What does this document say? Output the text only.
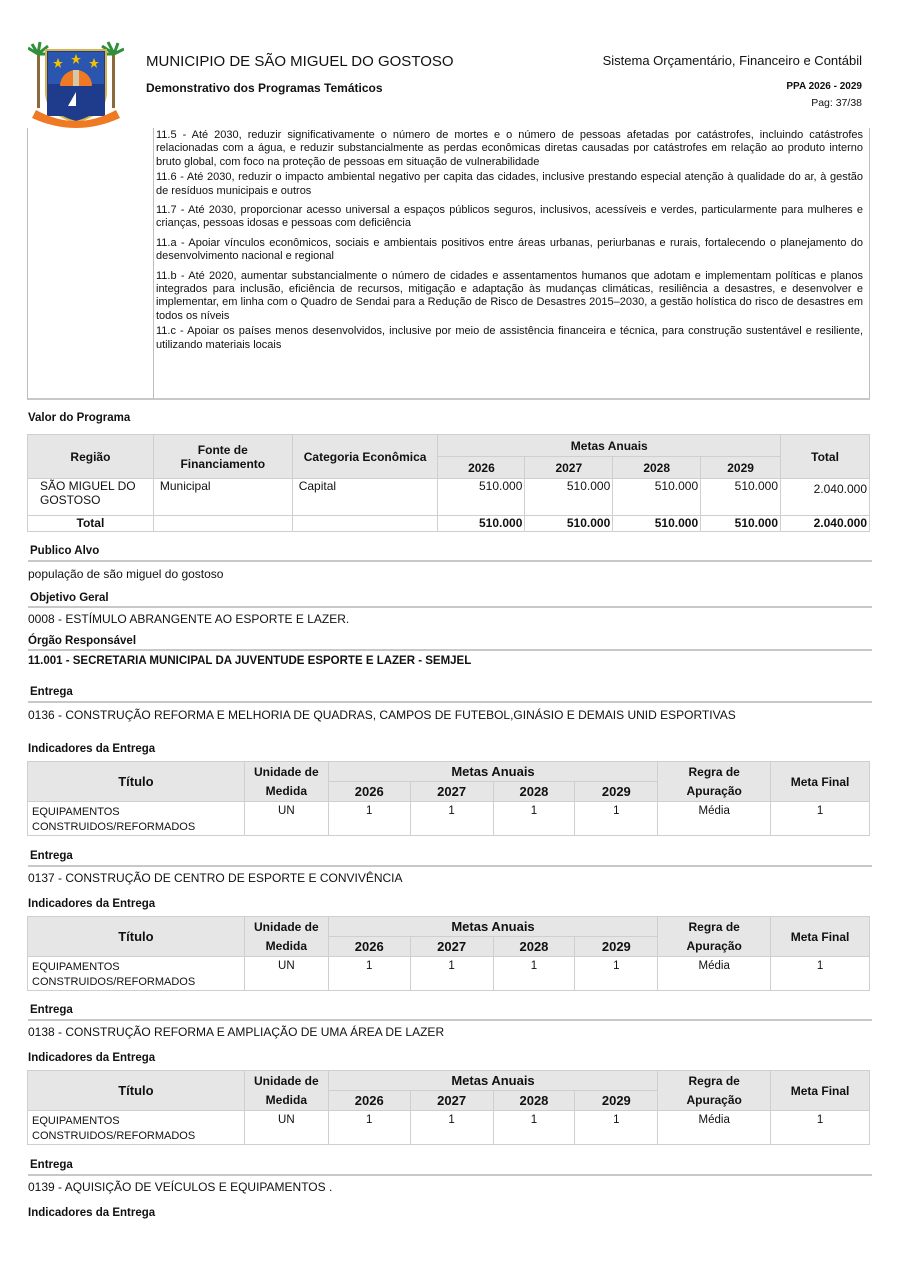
MUNICIPIO DE SÃO MIGUEL DO GOSTOSO
Demonstrativo dos Programas Temáticos
Sistema Orçamentário, Financeiro e Contábil
PPA 2026 - 2029
Pag: 37/38
11.5 - Até 2030, reduzir significativamente o número de mortes e o número de pessoas afetadas por catástrofes, incluindo catástrofes relacionadas com a água, e reduzir substancialmente as perdas econômicas diretas causadas por catástrofes em relação ao produto interno bruto global, com foco na proteção de pessoas em situação de vulnerabilidade
11.6 - Até 2030, reduzir o impacto ambiental negativo per capita das cidades, inclusive prestando especial atenção à qualidade do ar, à gestão de resíduos municipais e outros
11.7 - Até 2030, proporcionar acesso universal a espaços públicos seguros, inclusivos, acessíveis e verdes, particularmente para mulheres e crianças, pessoas idosas e pessoas com deficiência
11.a - Apoiar vínculos econômicos, sociais e ambientais positivos entre áreas urbanas, periurbanas e rurais, fortalecendo o planejamento do desenvolvimento nacional e regional
11.b - Até 2020, aumentar substancialmente o número de cidades e assentamentos humanos que adotam e implementam políticas e planos integrados para inclusão, eficiência de recursos, mitigação e adaptação às mudanças climáticas, resiliência a desastres, e desenvolver e implementar, em linha com o Quadro de Sendai para a Redução de Risco de Desastres 2015–2030, a gestão holística do risco de desastres em todos os níveis
11.c - Apoiar os países menos desenvolvidos, inclusive por meio de assistência financeira e técnica, para construção sustentável e resiliente, utilizando materiais locais
Valor do Programa
Região	Fonte de Financiamento	Categoria Econômica	Metas Anuais				Total
			2026	2027	2028	2029	
SÃO MIGUEL DO GOSTOSO	Municipal	Capital	510.000	510.000	510.000	510.000	2.040.000
Total			510.000	510.000	510.000	510.000	2.040.000
Publico Alvo
população de são miguel do gostoso
Objetivo Geral
0008 - ESTÍMULO ABRANGENTE AO ESPORTE E LAZER.
Órgão Responsável
11.001 - SECRETARIA MUNICIPAL DA JUVENTUDE ESPORTE E LAZER - SEMJEL
Entrega
0136 - CONSTRUÇÃO REFORMA E MELHORIA DE QUADRAS, CAMPOS DE FUTEBOL,GINÁSIO E DEMAIS UNID ESPORTIVAS
Indicadores da Entrega
Título	Unidade de	Metas Anuais				Regra de	Meta Final
	Medida	2026	2027	2028	2029	Apuração	
EQUIPAMENTOS CONSTRUIDOS/REFORMADOS	UN	1	1	1	1	Média	1
Entrega
0137 - CONSTRUÇÃO DE CENTRO DE ESPORTE E CONVIVÊNCIA
Indicadores da Entrega
Título	Unidade de	Metas Anuais				Regra de	Meta Final
	Medida	2026	2027	2028	2029	Apuração	
EQUIPAMENTOS CONSTRUIDOS/REFORMADOS	UN	1	1	1	1	Média	1
Entrega
0138 - CONSTRUÇÃO REFORMA E AMPLIAÇÃO DE UMA ÁREA DE LAZER
Indicadores da Entrega
Título	Unidade de	Metas Anuais				Regra de	Meta Final
	Medida	2026	2027	2028	2029	Apuração	
EQUIPAMENTOS CONSTRUIDOS/REFORMADOS	UN	1	1	1	1	Média	1
Entrega
0139 - AQUISIÇÃO DE VEÍCULOS E EQUIPAMENTOS .
Indicadores da Entrega
